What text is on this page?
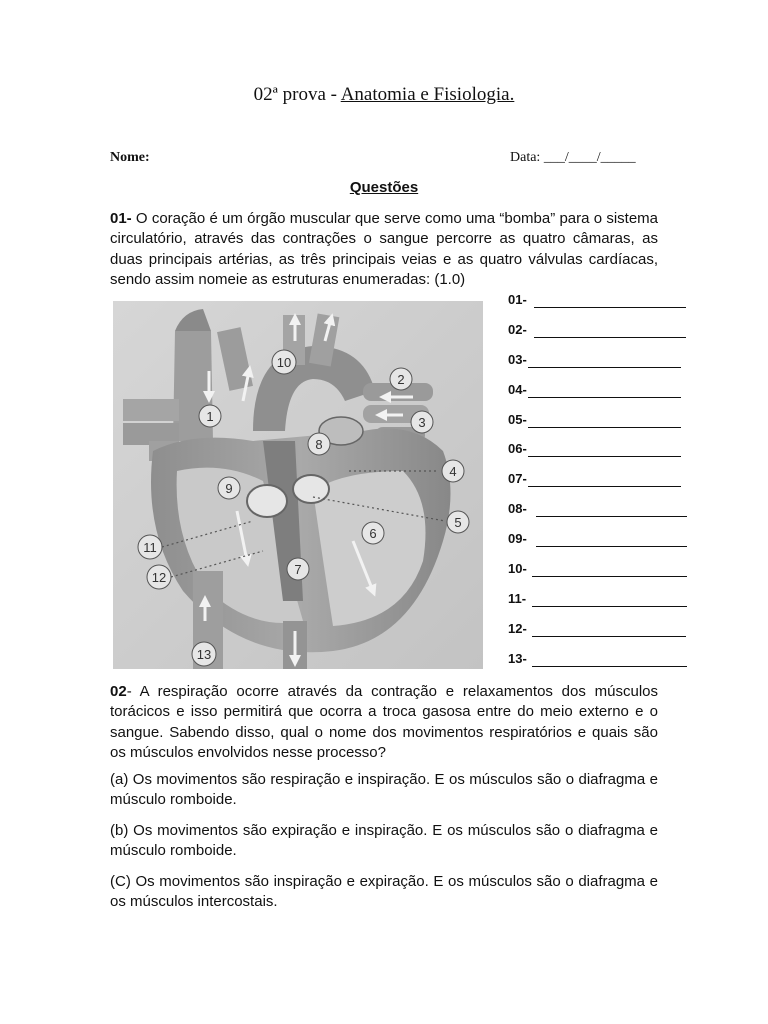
02ª prova - Anatomia e Fisiologia.
Nome:	Data: ___/____/_____
Questões
01- O coração é um órgão muscular que serve como uma “bomba” para o sistema circulatório, através das contrações o sangue percorre as quatro câmaras, as duas principais artérias, as três principais veias e as quatro válvulas cardíacas, sendo assim nomeie as estruturas enumeradas: (1.0)
1
2
3
4
5
6
7
8
9
10
11
12
13
01-
02-
03-
04-
05-
06-
07-
08-
09-
10-
11-
12-
13-
02- A respiração ocorre através da contração e relaxamentos dos músculos torácicos e isso permitirá que ocorra a troca gasosa entre do meio externo e o sangue. Sabendo disso, qual o nome dos movimentos respiratórios e quais são os músculos envolvidos nesse processo?
(a) Os movimentos são respiração e inspiração. E os músculos são o diafragma e músculo romboide.
(b) Os movimentos são expiração e inspiração. E os músculos são o diafragma e músculo romboide.
(C) Os movimentos são inspiração e expiração. E os músculos são o diafragma e os músculos intercostais.
